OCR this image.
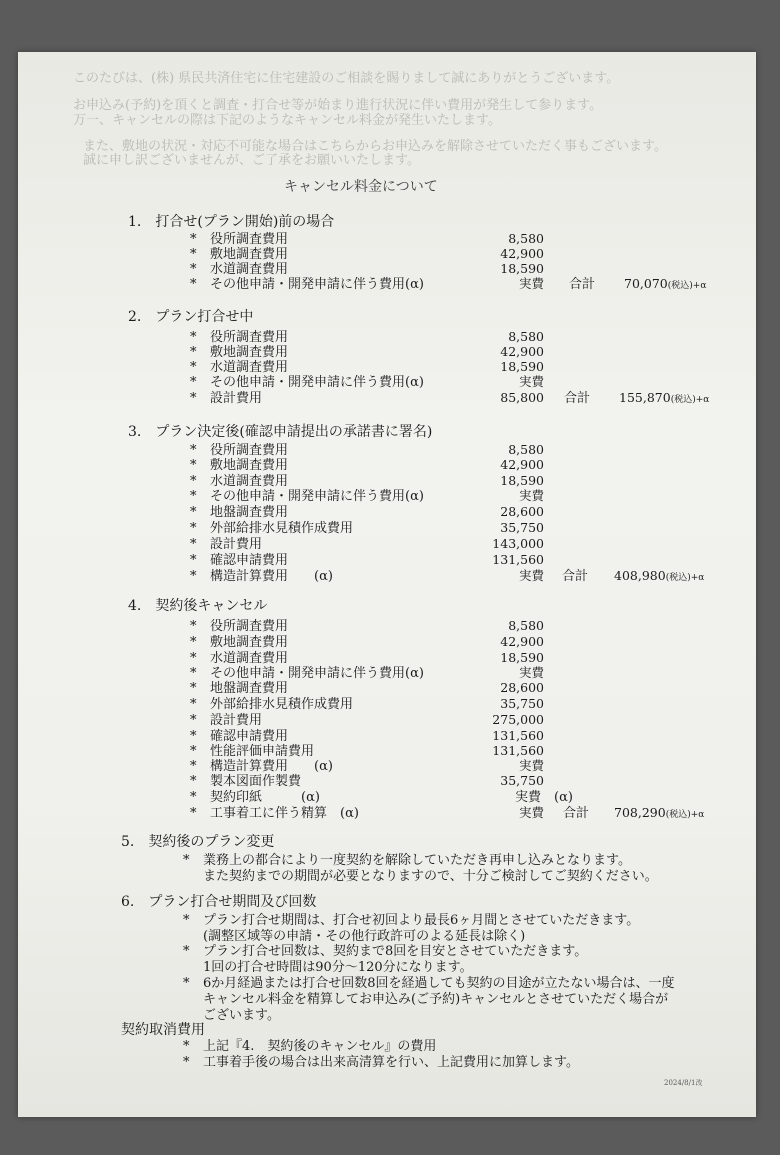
このたびは、(株) 県民共済住宅に住宅建設のご相談を賜りまして誠にありがとうございます。
お申込み(予約)を頂くと調査・打合せ等が始まり進行状況に伴い費用が発生して参ります。
万一、キャンセルの際は下記のようなキャンセル料金が発生いたします。
また、敷地の状況・対応不可能な場合はこちらからお申込みを解除させていただく事もございます。
誠に申し訳ございませんが、ご了承をお願いいたします。
キャンセル料金について
1.　打合せ(プラン開始)前の場合
* 役所調査費用	8,580
* 敷地調査費用	42,900
* 水道調査費用	18,590
* その他申請・開発申請に伴う費用(α)	実費 合計 70,070(税込)+α
2.　プラン打合せ中
* 役所調査費用	8,580
* 敷地調査費用	42,900
* 水道調査費用	18,590
* その他申請・開発申請に伴う費用(α)	実費
* 設計費用	85,800 合計 155,870(税込)+α
3.　プラン決定後(確認申請提出の承諾書に署名)
* 役所調査費用	8,580
* 敷地調査費用	42,900
* 水道調査費用	18,590
* その他申請・開発申請に伴う費用(α)	実費
* 地盤調査費用	28,600
* 外部給排水見積作成費用	35,750
* 設計費用	143,000
* 確認申請費用	131,560
* 構造計算費用　　(α)	実費 合計 408,980(税込)+α
4.　契約後キャンセル
* 役所調査費用	8,580
* 敷地調査費用	42,900
* 水道調査費用	18,590
* その他申請・開発申請に伴う費用(α)	実費
* 地盤調査費用	28,600
* 外部給排水見積作成費用	35,750
* 設計費用	275,000
* 確認申請費用	131,560
* 性能評価申請費用	131,560
* 構造計算費用　　(α)	実費
* 製本図面作製費	35,750
* 契約印紙　　　(α)	実費　(α)
* 工事着工に伴う精算　(α)	実費 合計 708,290(税込)+α
5.　契約後のプラン変更
* 業務上の都合により一度契約を解除していただき再申し込みとなります。
また契約までの期間が必要となりますので、十分ご検討してご契約ください。
6.　プラン打合せ期間及び回数
* プラン打合せ期間は、打合せ初回より最長6ヶ月間とさせていただきます。
(調整区域等の申請・その他行政許可のよる延長は除く)
* プラン打合せ回数は、契約まで8回を目安とさせていただきます。
1回の打合せ時間は90分～120分になります。
* 6か月経過または打合せ回数8回を経過しても契約の目途が立たない場合は、一度
キャンセル料金を精算してお申込み(ご予約)キャンセルとさせていただく場合が
ございます。
契約取消費用
* 上記『4.　契約後のキャンセル』の費用
* 工事着手後の場合は出来高清算を行い、上記費用に加算します。
2024/8/1改
